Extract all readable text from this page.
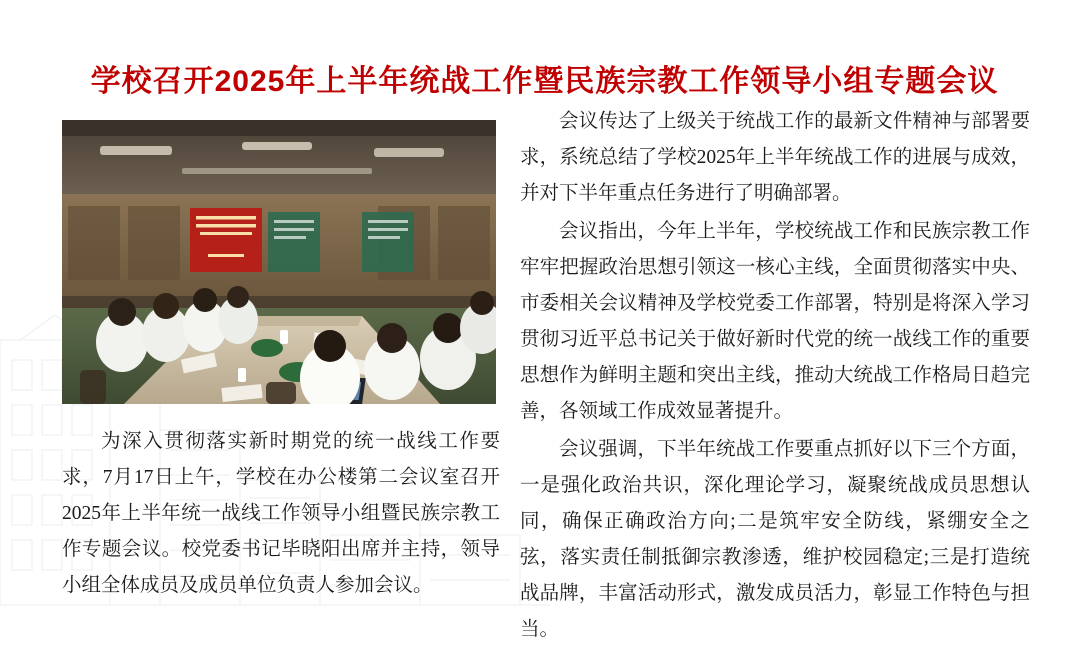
学校召开2025年上半年统战工作暨民族宗教工作领导小组专题会议

为深入贯彻落实新时期党的统一战线工作要求，7月17日上午，学校在办公楼第二会议室召开2025年上半年统一战线工作领导小组暨民族宗教工作专题会议。校党委书记毕晓阳出席并主持，领导小组全体成员及成员单位负责人参加会议。

会议传达了上级关于统战工作的最新文件精神与部署要求，系统总结了学校2025年上半年统战工作的进展与成效，并对下半年重点任务进行了明确部署。

会议指出，今年上半年，学校统战工作和民族宗教工作牢牢把握政治思想引领这一核心主线，全面贯彻落实中央、市委相关会议精神及学校党委工作部署，特别是将深入学习贯彻习近平总书记关于做好新时代党的统一战线工作的重要思想作为鲜明主题和突出主线，推动大统战工作格局日趋完善，各领域工作成效显著提升。

会议强调，下半年统战工作要重点抓好以下三个方面，一是强化政治共识，深化理论学习，凝聚统战成员思想认同，确保正确政治方向;二是筑牢安全防线，紧绷安全之弦，落实责任制抵御宗教渗透，维护校园稳定;三是打造统战品牌，丰富活动形式，激发成员活力，彰显工作特色与担当。
